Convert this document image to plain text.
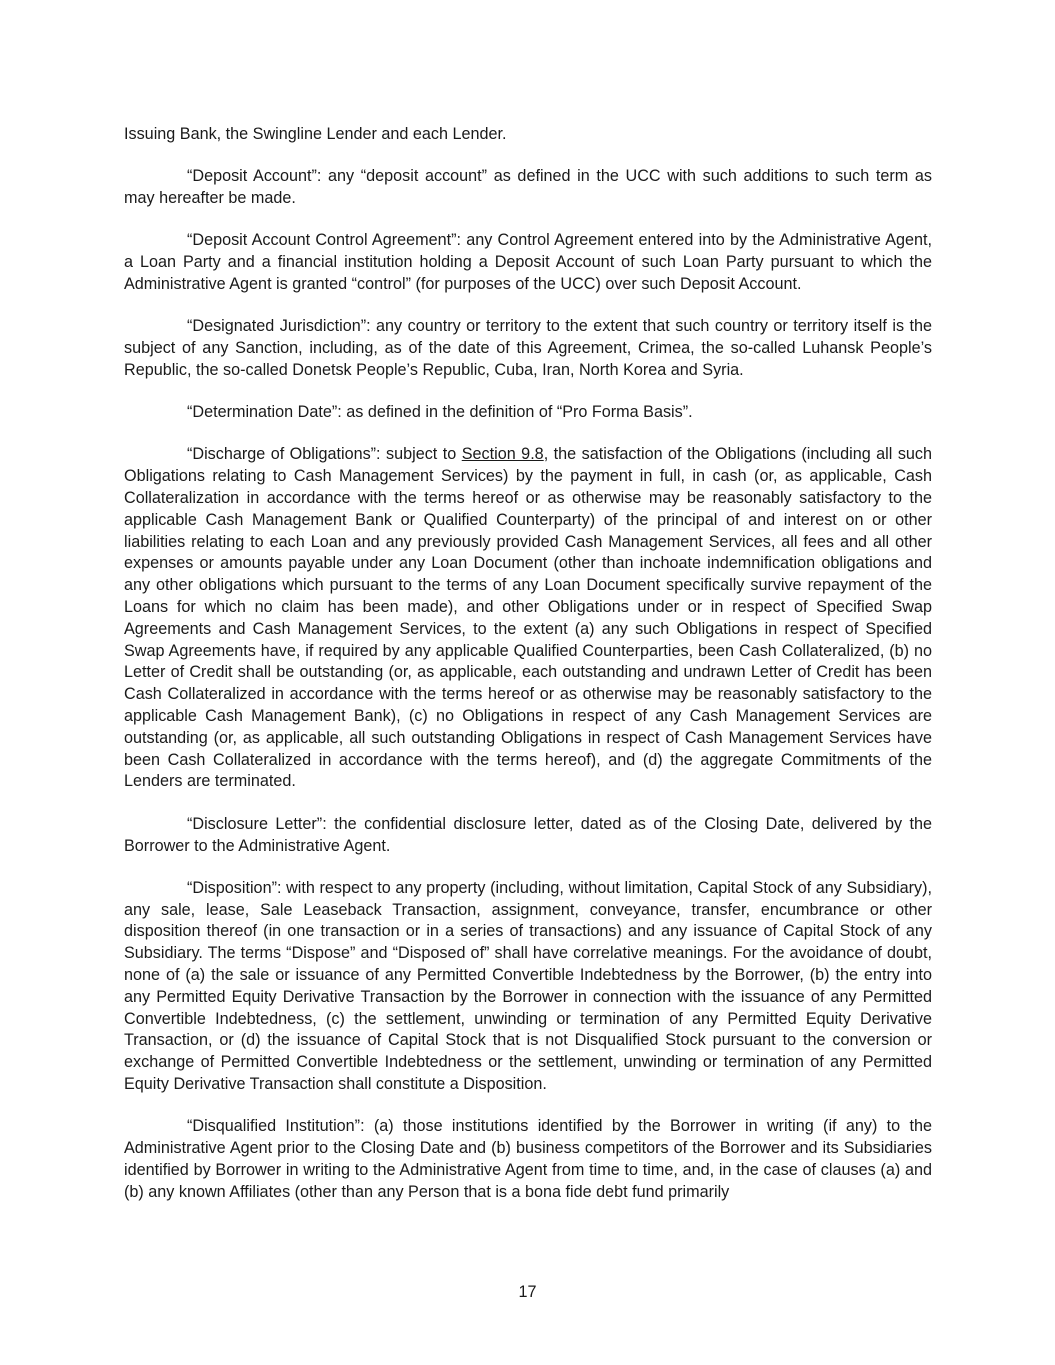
Issuing Bank, the Swingline Lender and each Lender.

“Deposit Account”: any “deposit account” as defined in the UCC with such additions to such term as may hereafter be made.

“Deposit Account Control Agreement”: any Control Agreement entered into by the Administrative Agent, a Loan Party and a financial institution holding a Deposit Account of such Loan Party pursuant to which the Administrative Agent is granted “control” (for purposes of the UCC) over such Deposit Account.

“Designated Jurisdiction”: any country or territory to the extent that such country or territory itself is the subject of any Sanction, including, as of the date of this Agreement, Crimea, the so-called Luhansk People’s Republic, the so-called Donetsk People’s Republic, Cuba, Iran, North Korea and Syria.

“Determination Date”: as defined in the definition of “Pro Forma Basis”.

“Discharge of Obligations”: subject to Section 9.8, the satisfaction of the Obligations (including all such Obligations relating to Cash Management Services) by the payment in full, in cash (or, as applicable, Cash Collateralization in accordance with the terms hereof or as otherwise may be reasonably satisfactory to the applicable Cash Management Bank or Qualified Counterparty) of the principal of and interest on or other liabilities relating to each Loan and any previously provided Cash Management Services, all fees and all other expenses or amounts payable under any Loan Document (other than inchoate indemnification obligations and any other obligations which pursuant to the terms of any Loan Document specifically survive repayment of the Loans for which no claim has been made), and other Obligations under or in respect of Specified Swap Agreements and Cash Management Services, to the extent (a) any such Obligations in respect of Specified Swap Agreements have, if required by any applicable Qualified Counterparties, been Cash Collateralized, (b) no Letter of Credit shall be outstanding (or, as applicable, each outstanding and undrawn Letter of Credit has been Cash Collateralized in accordance with the terms hereof or as otherwise may be reasonably satisfactory to the applicable Cash Management Bank), (c) no Obligations in respect of any Cash Management Services are outstanding (or, as applicable, all such outstanding Obligations in respect of Cash Management Services have been Cash Collateralized in accordance with the terms hereof), and (d) the aggregate Commitments of the Lenders are terminated.

“Disclosure Letter”: the confidential disclosure letter, dated as of the Closing Date, delivered by the Borrower to the Administrative Agent.

“Disposition”: with respect to any property (including, without limitation, Capital Stock of any Subsidiary), any sale, lease, Sale Leaseback Transaction, assignment, conveyance, transfer, encumbrance or other disposition thereof (in one transaction or in a series of transactions) and any issuance of Capital Stock of any Subsidiary. The terms “Dispose” and “Disposed of” shall have correlative meanings. For the avoidance of doubt, none of (a) the sale or issuance of any Permitted Convertible Indebtedness by the Borrower, (b) the entry into any Permitted Equity Derivative Transaction by the Borrower in connection with the issuance of any Permitted Convertible Indebtedness, (c) the settlement, unwinding or termination of any Permitted Equity Derivative Transaction, or (d) the issuance of Capital Stock that is not Disqualified Stock pursuant to the conversion or exchange of Permitted Convertible Indebtedness or the settlement, unwinding or termination of any Permitted Equity Derivative Transaction shall constitute a Disposition.

“Disqualified Institution”: (a) those institutions identified by the Borrower in writing (if any) to the Administrative Agent prior to the Closing Date and (b) business competitors of the Borrower and its Subsidiaries identified by Borrower in writing to the Administrative Agent from time to time, and, in the case of clauses (a) and (b) any known Affiliates (other than any Person that is a bona fide debt fund primarily

17
